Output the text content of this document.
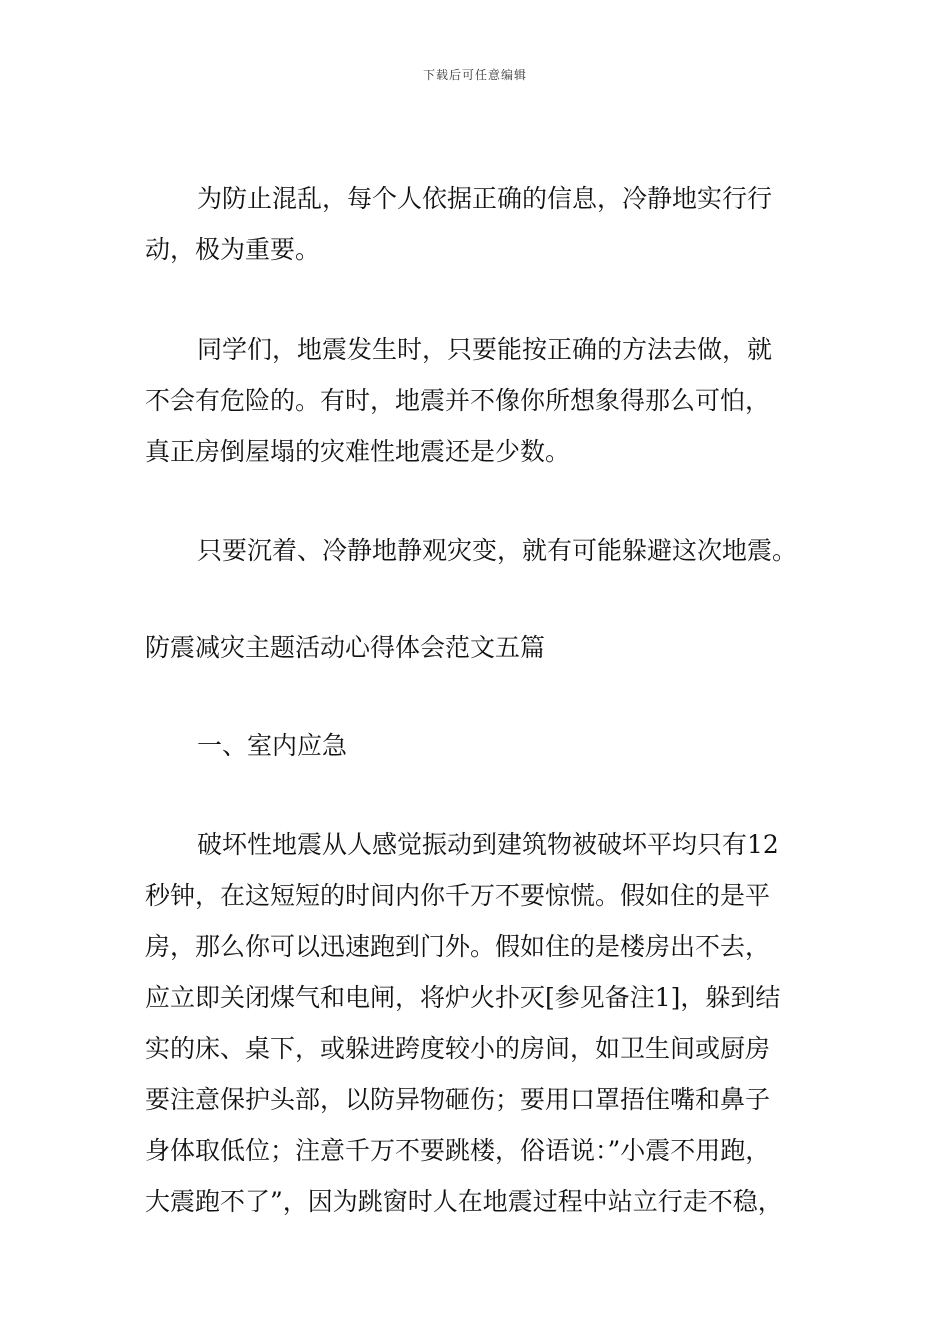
下载后可任意编辑
为防止混乱，每个人依据正确的信息，冷静地实行行
动，极为重要。
同学们，地震发生时，只要能按正确的方法去做，就
不会有危险的。有时，地震并不像你所想象得那么可怕，
真正房倒屋塌的灾难性地震还是少数。
只要沉着、冷静地静观灾变，就有可能躲避这次地震。
防震减灾主题活动心得体会范文五篇
一、室内应急
破坏性地震从人感觉振动到建筑物被破坏平均只有12
秒钟，在这短短的时间内你千万不要惊慌。假如住的是平
房，那么你可以迅速跑到门外。假如住的是楼房出不去，
应立即关闭煤气和电闸，将炉火扑灭[参见备注1]，躲到结
实的床、桌下，或躲进跨度较小的房间，如卫生间或厨房
要注意保护头部，以防异物砸伤；要用口罩捂住嘴和鼻子
身体取低位；注意千万不要跳楼，俗语说：”小震不用跑，
大震跑不了”，因为跳窗时人在地震过程中站立行走不稳，
